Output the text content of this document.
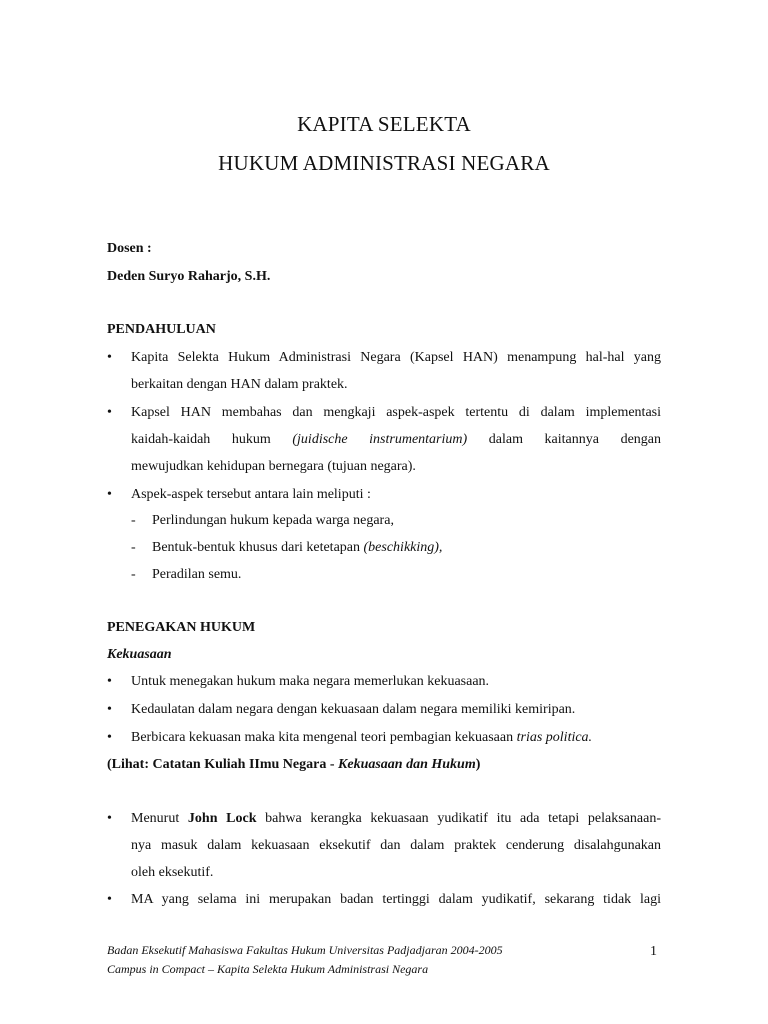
KAPITA SELEKTA
HUKUM ADMINISTRASI NEGARA
Dosen :
Deden Suryo Raharjo, S.H.
PENDAHULUAN
• Kapita Selekta Hukum Administrasi Negara (Kapsel HAN) menampung hal-hal yang
berkaitan dengan HAN dalam praktek.
• Kapsel HAN membahas dan mengkaji aspek-aspek tertentu di dalam implementasi
kaidah-kaidah hukum (juidische instrumentarium) dalam kaitannya dengan
mewujudkan kehidupan bernegara (tujuan negara).
• Aspek-aspek tersebut antara lain meliputi :
- Perlindungan hukum kepada warga negara,
- Bentuk-bentuk khusus dari ketetapan (beschikking),
- Peradilan semu.
PENEGAKAN HUKUM
Kekuasaan
• Untuk menegakan hukum maka negara memerlukan kekuasaan.
• Kedaulatan dalam negara dengan kekuasaan dalam negara memiliki kemiripan.
• Berbicara kekuasan maka kita mengenal teori pembagian kekuasaan trias politica.
(Lihat: Catatan Kuliah IImu Negara - Kekuasaan dan Hukum)
• Menurut John Lock bahwa kerangka kekuasaan yudikatif itu ada tetapi pelaksanaan-
nya masuk dalam kekuasaan eksekutif dan dalam praktek cenderung disalahgunakan
oleh eksekutif.
• MA yang selama ini merupakan badan tertinggi dalam yudikatif, sekarang tidak lagi
Badan Eksekutif Mahasiswa Fakultas Hukum Universitas Padjadjaran 2004-2005
Campus in Compact – Kapita Selekta Hukum Administrasi Negara
1
